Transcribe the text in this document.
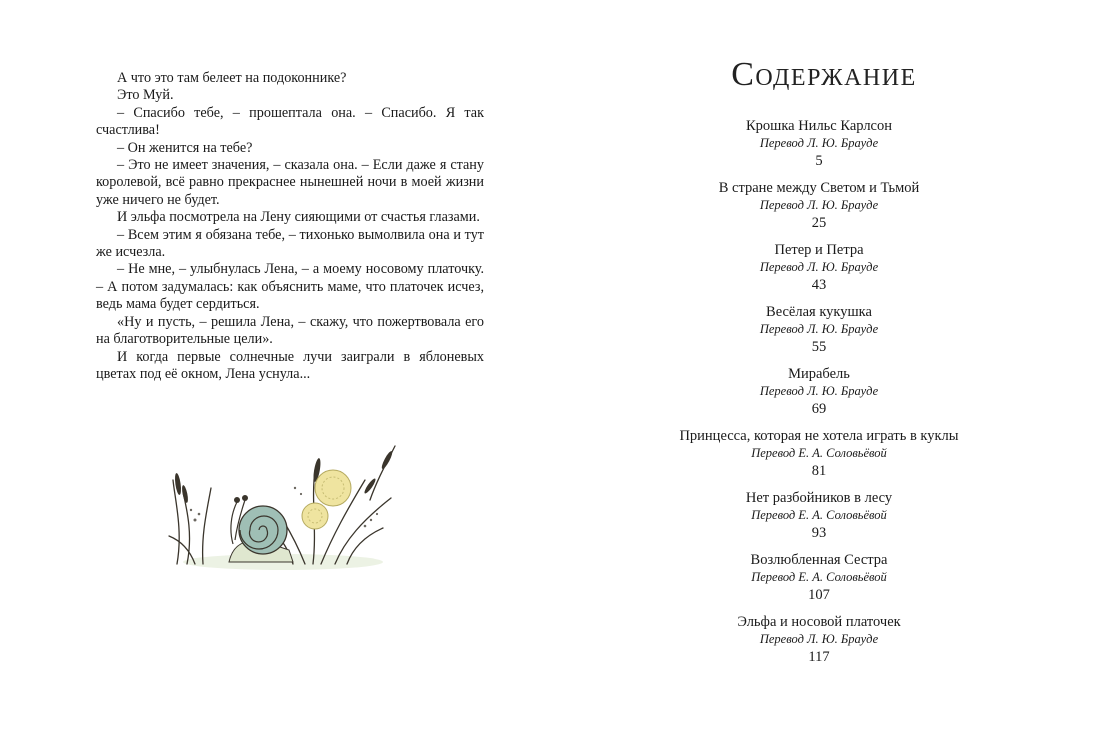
А что это там белеет на подоконнике?

Это Муй.

– Спасибо тебе, – прошептала она. – Спасибо. Я так счастлива!

– Он женится на тебе?

– Это не имеет значения, – сказала она. – Если даже я стану королевой, всё равно прекраснее нынешней ночи в моей жизни уже ничего не будет.

И эльфа посмотрела на Лену сияющими от счастья глазами.

– Всем этим я обязана тебе, – тихонько вымолвила она и тут же исчезла.

– Не мне, – улыбнулась Лена, – а моему носовому платочку. – А потом задумалась: как объяснить маме, что платочек исчез, ведь мама будет сердиться.

«Ну и пусть, – решила Лена, – скажу, что пожертвовала его на благотворительные цели».

И когда первые солнечные лучи заиграли в яблоневых цветах под её окном, Лена уснула...

Содержание
Крошка Нильс Карлсон
Перевод Л. Ю. Брауде
5
В стране между Светом и Тьмой
Перевод Л. Ю. Брауде
25
Петер и Петра
Перевод Л. Ю. Брауде
43
Весёлая кукушка
Перевод Л. Ю. Брауде
55
Мирабель
Перевод Л. Ю. Брауде
69
Принцесса, которая не хотела играть в куклы
Перевод Е. А. Соловьёвой
81
Нет разбойников в лесу
Перевод Е. А. Соловьёвой
93
Возлюбленная Сестра
Перевод Е. А. Соловьёвой
107
Эльфа и носовой платочек
Перевод Л. Ю. Брауде
117
